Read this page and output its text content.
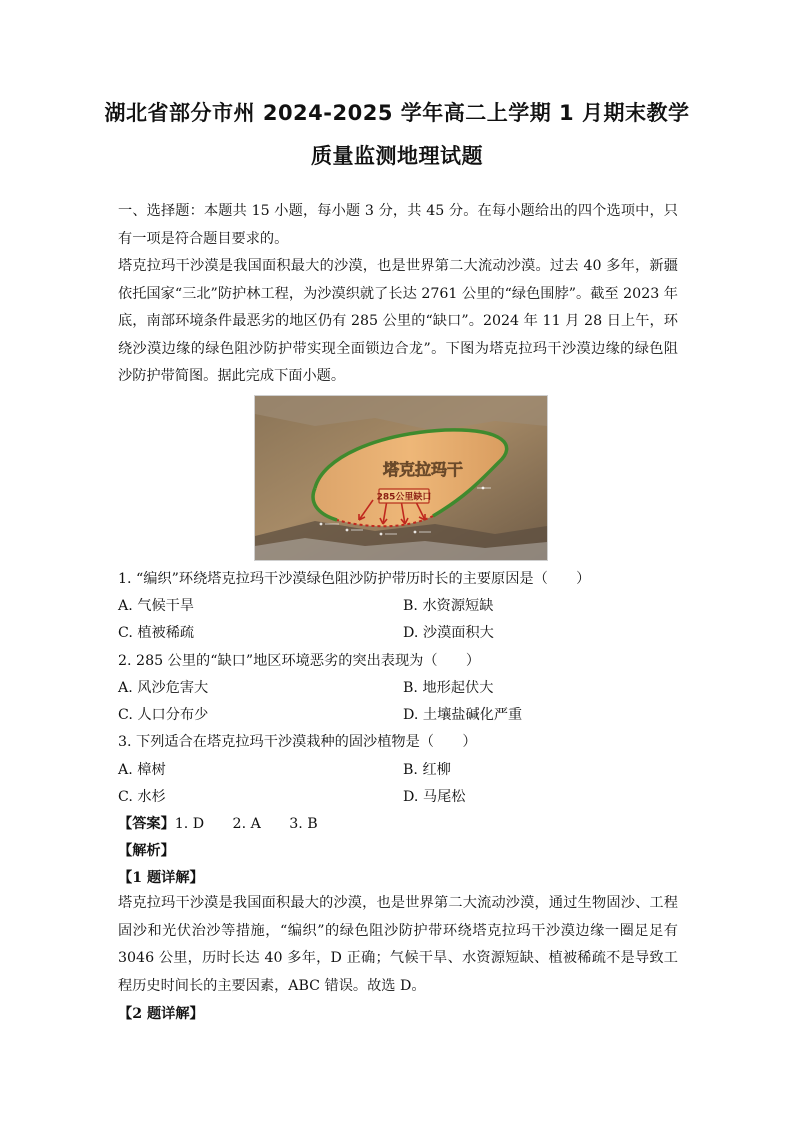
湖北省部分市州 2024-2025 学年高二上学期 1 月期末教学
质量监测地理试题
一、选择题：本题共 15 小题，每小题 3 分，共 45 分。在每小题给出的四个选项中，只有一项是符合题目要求的。
塔克拉玛干沙漠是我国面积最大的沙漠，也是世界第二大流动沙漠。过去 40 多年，新疆依托国家“三北”防护林工程，为沙漠织就了长达 2761 公里的“绿色围脖”。截至 2023 年底，南部环境条件最恶劣的地区仍有 285 公里的“缺口”。2024 年 11 月 28 日上午，环绕沙漠边缘的绿色阻沙防护带实现全面锁边合龙”。下图为塔克拉玛干沙漠边缘的绿色阻沙防护带简图。据此完成下面小题。
285公里缺口
塔克拉玛干
1. “编织”环绕塔克拉玛干沙漠绿色阻沙防护带历时长的主要原因是（　　）
A. 气候干旱	B. 水资源短缺
C. 植被稀疏	D. 沙漠面积大
2. 285 公里的“缺口”地区环境恶劣的突出表现为（　　）
A. 风沙危害大	B. 地形起伏大
C. 人口分布少	D. 土壤盐碱化严重
3. 下列适合在塔克拉玛干沙漠栽种的固沙植物是（　　）
A. 樟树	B. 红柳
C. 水杉	D. 马尾松
【答案】1. D　　2. A　　3. B
【解析】
【1 题详解】
塔克拉玛干沙漠是我国面积最大的沙漠，也是世界第二大流动沙漠，通过生物固沙、工程固沙和光伏治沙等措施，“编织”的绿色阻沙防护带环绕塔克拉玛干沙漠边缘一圈足足有 3046 公里，历时长达 40 多年，D 正确；气候干旱、水资源短缺、植被稀疏不是导致工程历史时间长的主要因素，ABC 错误。故选 D。
【2 题详解】
